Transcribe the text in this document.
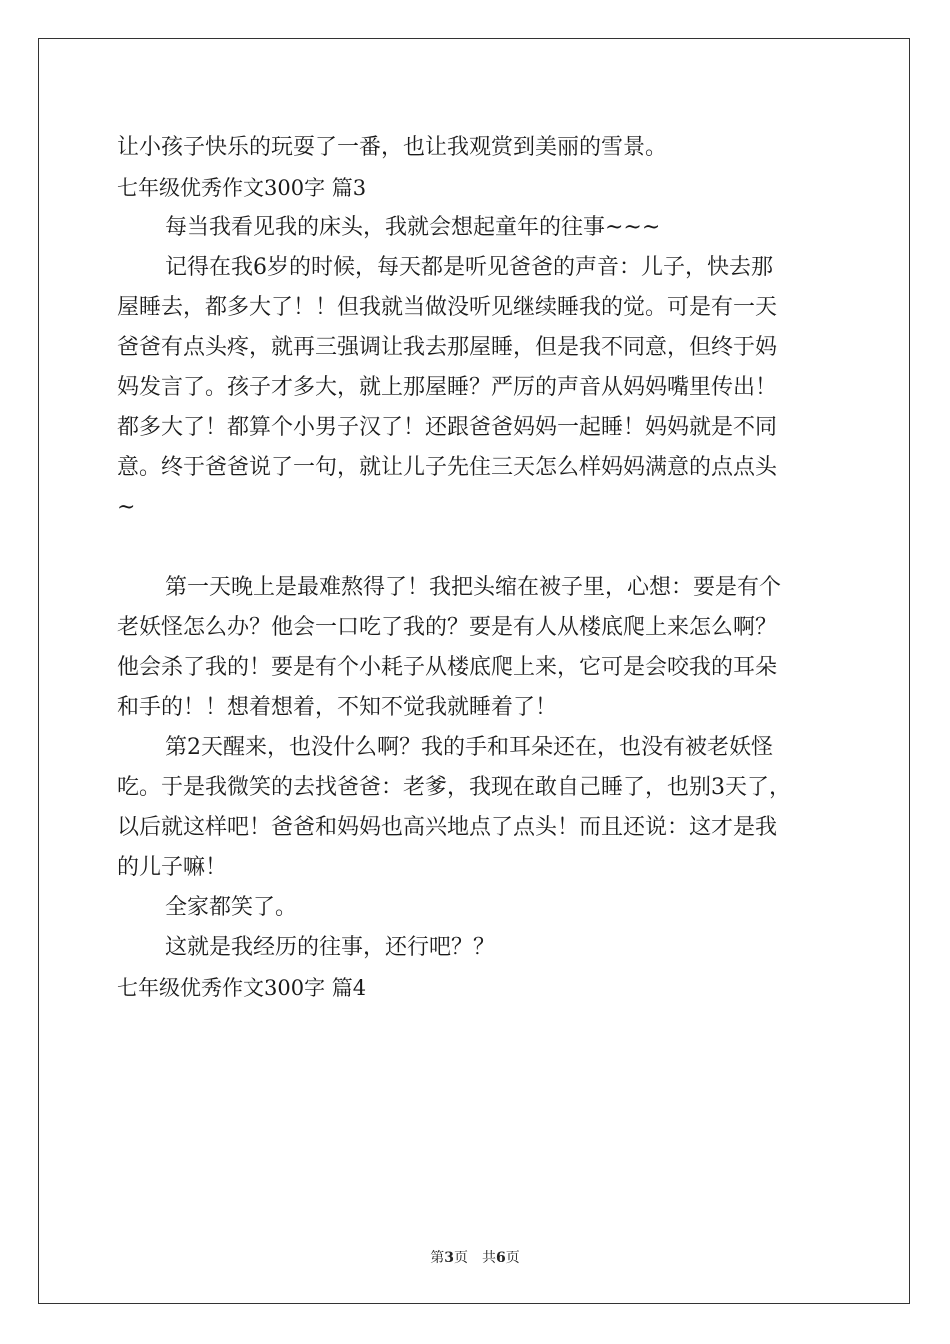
让小孩子快乐的玩耍了一番，也让我观赏到美丽的雪景。
七年级优秀作文300字 篇3
每当我看见我的床头，我就会想起童年的往事~~~
记得在我6岁的时候，每天都是听见爸爸的声音：儿子，快去那
屋睡去，都多大了！！但我就当做没听见继续睡我的觉。可是有一天
爸爸有点头疼，就再三强调让我去那屋睡，但是我不同意，但终于妈
妈发言了。孩子才多大，就上那屋睡？严厉的声音从妈妈嘴里传出！
都多大了！都算个小男子汉了！还跟爸爸妈妈一起睡！妈妈就是不同
意。终于爸爸说了一句，就让儿子先住三天怎么样妈妈满意的点点头
~
第一天晚上是最难熬得了！我把头缩在被子里，心想：要是有个
老妖怪怎么办？他会一口吃了我的？要是有人从楼底爬上来怎么啊？
他会杀了我的！要是有个小耗子从楼底爬上来，它可是会咬我的耳朵
和手的！！想着想着，不知不觉我就睡着了！
第2天醒来，也没什么啊？我的手和耳朵还在，也没有被老妖怪
吃。于是我微笑的去找爸爸：老爹，我现在敢自己睡了，也别3天了，
以后就这样吧！爸爸和妈妈也高兴地点了点头！而且还说：这才是我
的儿子嘛！
全家都笑了。
这就是我经历的往事，还行吧？？
七年级优秀作文300字 篇4
第3页 共6页
